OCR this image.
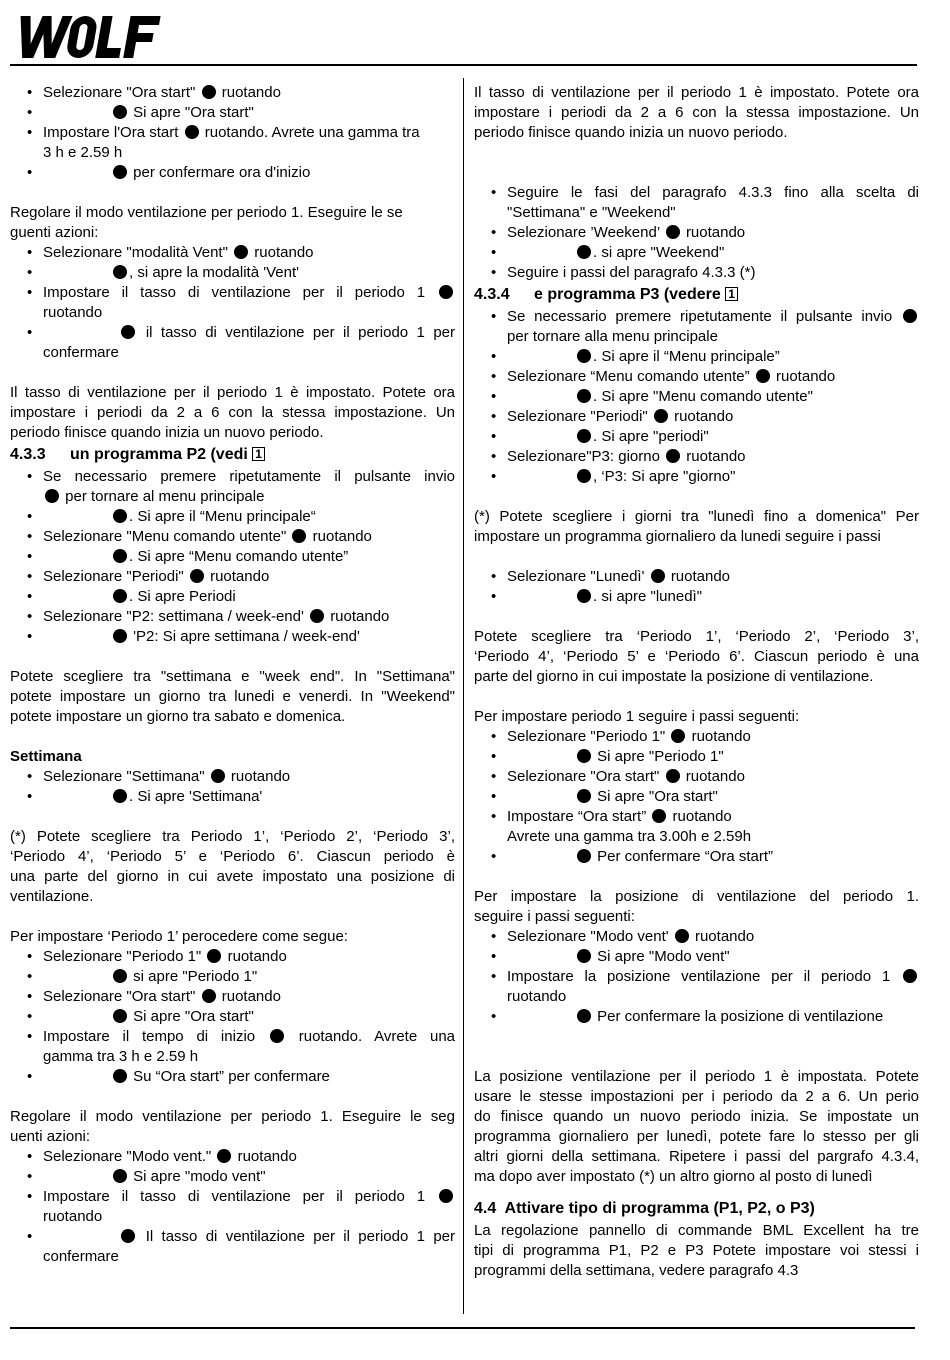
• Selezionare "Ora start" ruotando
• Si apre "Ora start"
• Impostare l'Ora start ruotando. Avrete una gamma tra
3 h e 2.59 h
• per confermare ora d'inizio
Regolare il modo ventilazione per periodo 1. Eseguire le se
guenti azioni:
• Selezionare "modalità Vent" ruotando
• , si apre la modalità 'Vent'
• Impostare il tasso di ventilazione per il periodo 1
ruotando
• il tasso di ventilazione per il periodo 1 per
confermare
Il tasso di ventilazione per il periodo 1 è impostato. Potete ora
impostare i periodi da 2 a 6 con la stessa impostazione. Un
periodo finisce quando inizia un nuovo periodo.
4.3.3 un programma P2 (vedi 1
• Se necessario premere ripetutamente il pulsante invio
per tornare al menu principale
• . Si apre il “Menu principale“
• Selezionare "Menu comando utente" ruotando
• . Si apre “Menu comando utente”
• Selezionare "Periodi" ruotando
• . Si apre Periodi
• Selezionare "P2: settimana / week-end' ruotando
• 'P2: Si apre settimana / week-end'
Potete scegliere tra "settimana e "week end". In "Settimana"
potete impostare un giorno tra lunedi e venerdi. In "Weekend"
potete impostare un giorno tra sabato e domenica.
Settimana
• Selezionare "Settimana" ruotando
• . Si apre 'Settimana'
(*) Potete scegliere tra Periodo 1’, ‘Periodo 2’, ‘Periodo 3’,
‘Periodo 4’, ‘Periodo 5’ e ‘Periodo 6’. Ciascun periodo è
una parte del giorno in cui avete impostato una posizione di
ventilazione.
Per impostare ‘Periodo 1’ perocedere come segue:
• Selezionare "Periodo 1" ruotando
• si apre "Periodo 1"
• Selezionare "Ora start" ruotando
• Si apre "Ora start"
• Impostare il tempo di inizio	ruotando. Avrete una
gamma tra 3 h e 2.59 h
• Su “Ora start” per confermare
Regolare il modo ventilazione per periodo 1. Eseguire le seg
uenti azioni:
• Selezionare "Modo vent." ruotando
• Si apre "modo vent"
• Impostare il tasso di ventilazione per il periodo 1
ruotando
• Il tasso di ventilazione per il periodo 1 per
confermare
Il tasso di ventilazione per il periodo 1 è impostato. Potete ora
impostare i periodi da 2 a 6 con la stessa impostazione. Un
periodo finisce quando inizia un nuovo periodo.
• Seguire le fasi del paragrafo 4.3.3 fino alla scelta di
"Settimana" e "Weekend"
• Selezionare ’Weekend’ ruotando
• . si apre "Weekend"
• Seguire i passi del paragrafo 4.3.3 (*)
4.3.4 e programma P3 (vedere 1
• Se necessario premere ripetutamente il pulsante invio
per tornare alla menu principale
• . Si apre il “Menu principale”
• Selezionare “Menu comando utente” ruotando
• . Si apre "Menu comando utente"
• Selezionare "Periodi" ruotando
• . Si apre "periodi"
• Selezionare"P3: giorno ruotando
• , ‘P3: Si apre "giorno"
(*) Potete scegliere i giorni tra "lunedì fino a domenica" Per
impostare un programma giornaliero da lunedi seguire i passi
• Selezionare "Lunedì' ruotando
• . si apre "lunedì"
Potete scegliere tra ‘Periodo 1’, ‘Periodo 2’, ‘Periodo 3’,
‘Periodo 4’, ‘Periodo 5’ e ‘Periodo 6’. Ciascun periodo è una
parte del giorno in cui impostate la posizione di ventilazione.
Per impostare periodo 1 seguire i passi seguenti:
• Selezionare "Periodo 1" ruotando
• Si apre "Periodo 1"
• Selezionare "Ora start" ruotando
• Si apre "Ora start"
• Impostare “Ora start” ruotando
Avrete una gamma tra 3.00h e 2.59h
• Per confermare “Ora start”
Per impostare la posizione di ventilazione del periodo 1.
seguire i passi seguenti:
• Selezionare "Modo vent' ruotando
• Si apre "Modo vent"
• Impostare la posizione ventilazione per il periodo 1
ruotando
• Per confermare la posizione di ventilazione
La posizione ventilazione per il periodo 1 è impostata. Potete
usare le stesse impostazioni per i periodo da 2 a 6. Un perio
do finisce quando un nuovo periodo inizia. Se impostate un
programma giornaliero per lunedì, potete fare lo stesso per gli
altri giorni della settimana. Ripetere i passi del pargrafo 4.3.4,
ma dopo aver impostato (*) un altro giorno al posto di lunedì
4.4 Attivare tipo di programma (P1, P2, o P3)
La regolazione pannello di commande BML Excellent ha tre
tipi di programma P1, P2 e P3 Potete impostare voi stessi i
programmi della settimana, vedere paragrafo 4.3
